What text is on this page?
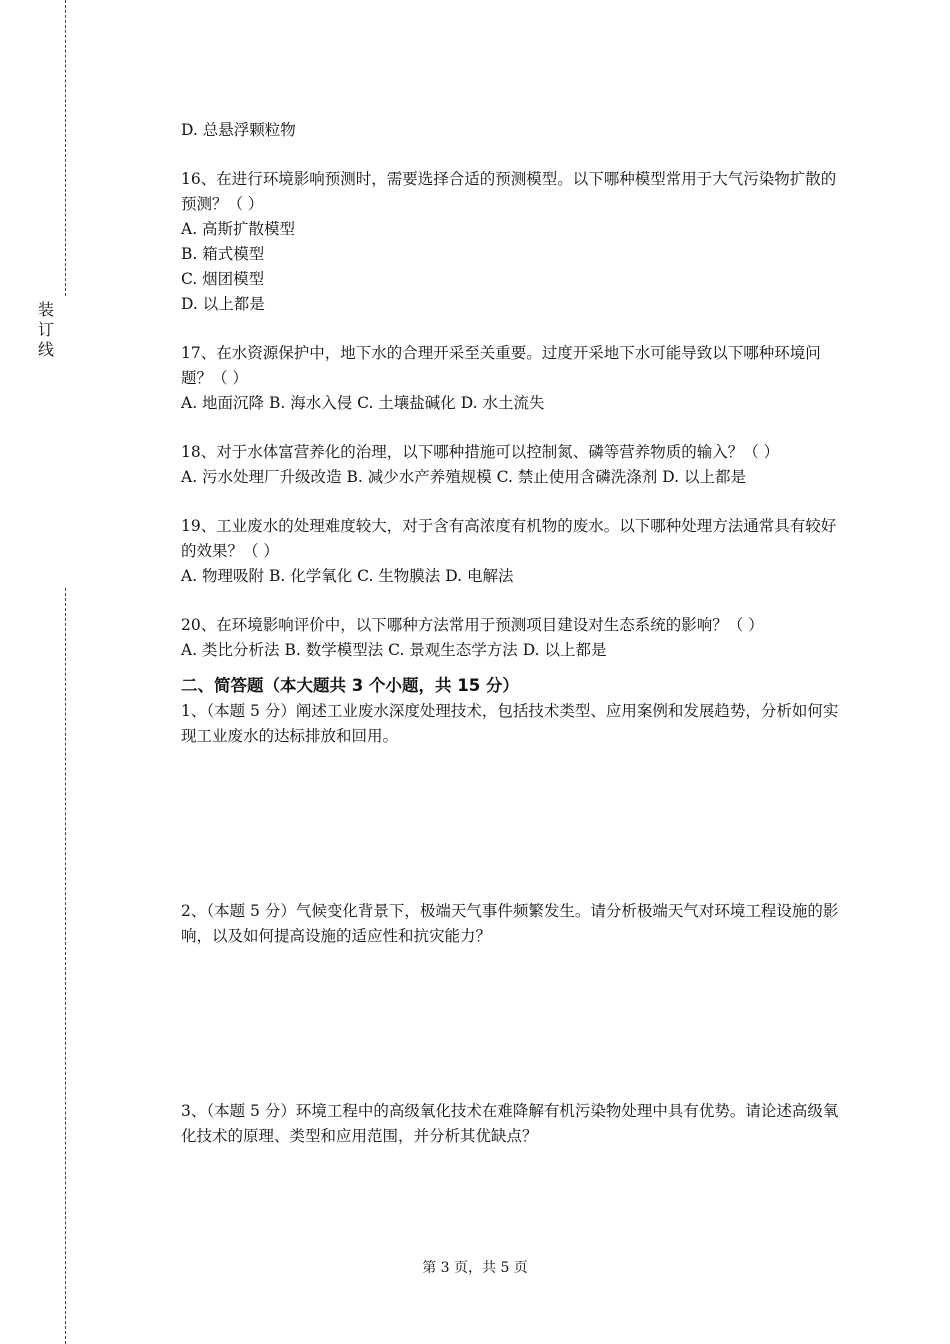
装
订
线

D. 总悬浮颗粒物

16、在进行环境影响预测时，需要选择合适的预测模型。以下哪种模型常用于大气污染物扩散的预测？（ ）

A. 高斯扩散模型

B. 箱式模型

C. 烟团模型

D. 以上都是

17、在水资源保护中，地下水的合理开采至关重要。过度开采地下水可能导致以下哪种环境问题？（ ）

A. 地面沉降 B. 海水入侵 C. 土壤盐碱化 D. 水土流失

18、对于水体富营养化的治理，以下哪种措施可以控制氮、磷等营养物质的输入？（ ）

A. 污水处理厂升级改造 B. 减少水产养殖规模 C. 禁止使用含磷洗涤剂 D. 以上都是

19、工业废水的处理难度较大，对于含有高浓度有机物的废水。以下哪种处理方法通常具有较好的效果？（ ）

A. 物理吸附 B. 化学氧化 C. 生物膜法 D. 电解法

20、在环境影响评价中，以下哪种方法常用于预测项目建设对生态系统的影响？（ ）

A. 类比分析法 B. 数学模型法 C. 景观生态学方法 D. 以上都是

二、简答题（本大题共 3 个小题，共 15 分）

1、（本题 5 分）阐述工业废水深度处理技术，包括技术类型、应用案例和发展趋势，分析如何实现工业废水的达标排放和回用。

2、（本题 5 分）气候变化背景下，极端天气事件频繁发生。请分析极端天气对环境工程设施的影响，以及如何提高设施的适应性和抗灾能力？

3、（本题 5 分）环境工程中的高级氧化技术在难降解有机污染物处理中具有优势。请论述高级氧化技术的原理、类型和应用范围，并分析其优缺点？

第 3 页，共 5 页
